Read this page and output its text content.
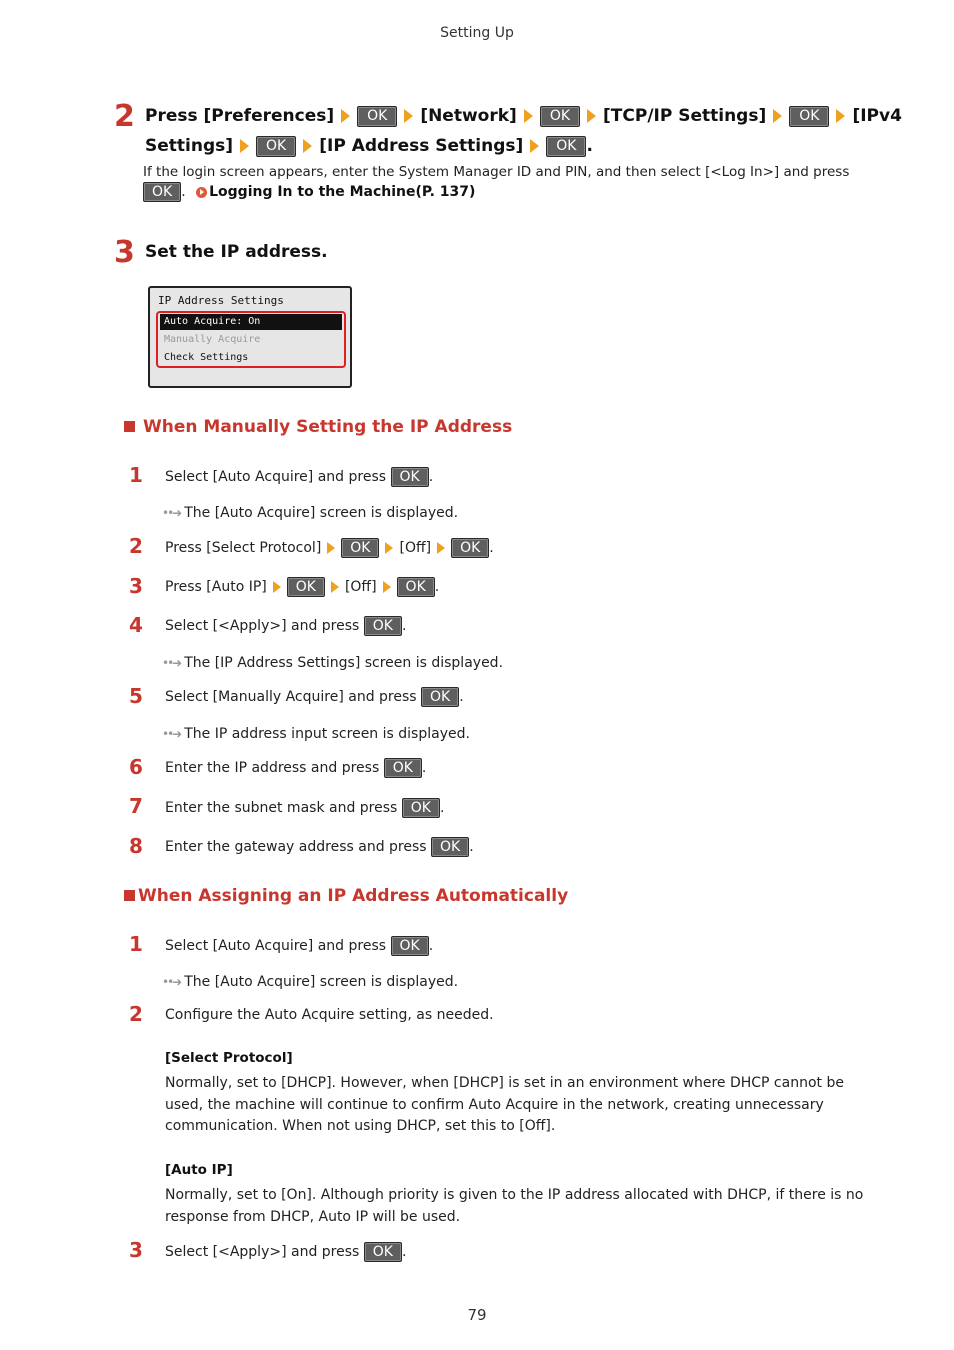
Setting Up
2 Press [Preferences] OK [Network] OK [TCP/IP Settings] OK [IPv4
Settings] OK [IP Address Settings] OK .
If the login screen appears, enter the System Manager ID and PIN, and then select [<Log In>] and press
OK . Logging In to the Machine(P. 137)
3 Set the IP address.
IP Address Settings
Auto Acquire: On
Manually Acquire
Check Settings
When Manually Setting the IP Address
1 Select [Auto Acquire] and press OK .
••➜ The [Auto Acquire] screen is displayed.
2 Press [Select Protocol] OK [Off] OK .
3 Press [Auto IP] OK [Off] OK .
4 Select [<Apply>] and press OK .
••➜ The [IP Address Settings] screen is displayed.
5 Select [Manually Acquire] and press OK .
••➜ The IP address input screen is displayed.
6 Enter the IP address and press OK .
7 Enter the subnet mask and press OK .
8 Enter the gateway address and press OK .
When Assigning an IP Address Automatically
1 Select [Auto Acquire] and press OK .
••➜ The [Auto Acquire] screen is displayed.
2 Configure the Auto Acquire setting, as needed.
[Select Protocol]
Normally, set to [DHCP]. However, when [DHCP] is set in an environment where DHCP cannot be used, the machine will continue to confirm Auto Acquire in the network, creating unnecessary communication. When not using DHCP, set this to [Off].
[Auto IP]
Normally, set to [On]. Although priority is given to the IP address allocated with DHCP, if there is no response from DHCP, Auto IP will be used.
3 Select [<Apply>] and press OK .
79
